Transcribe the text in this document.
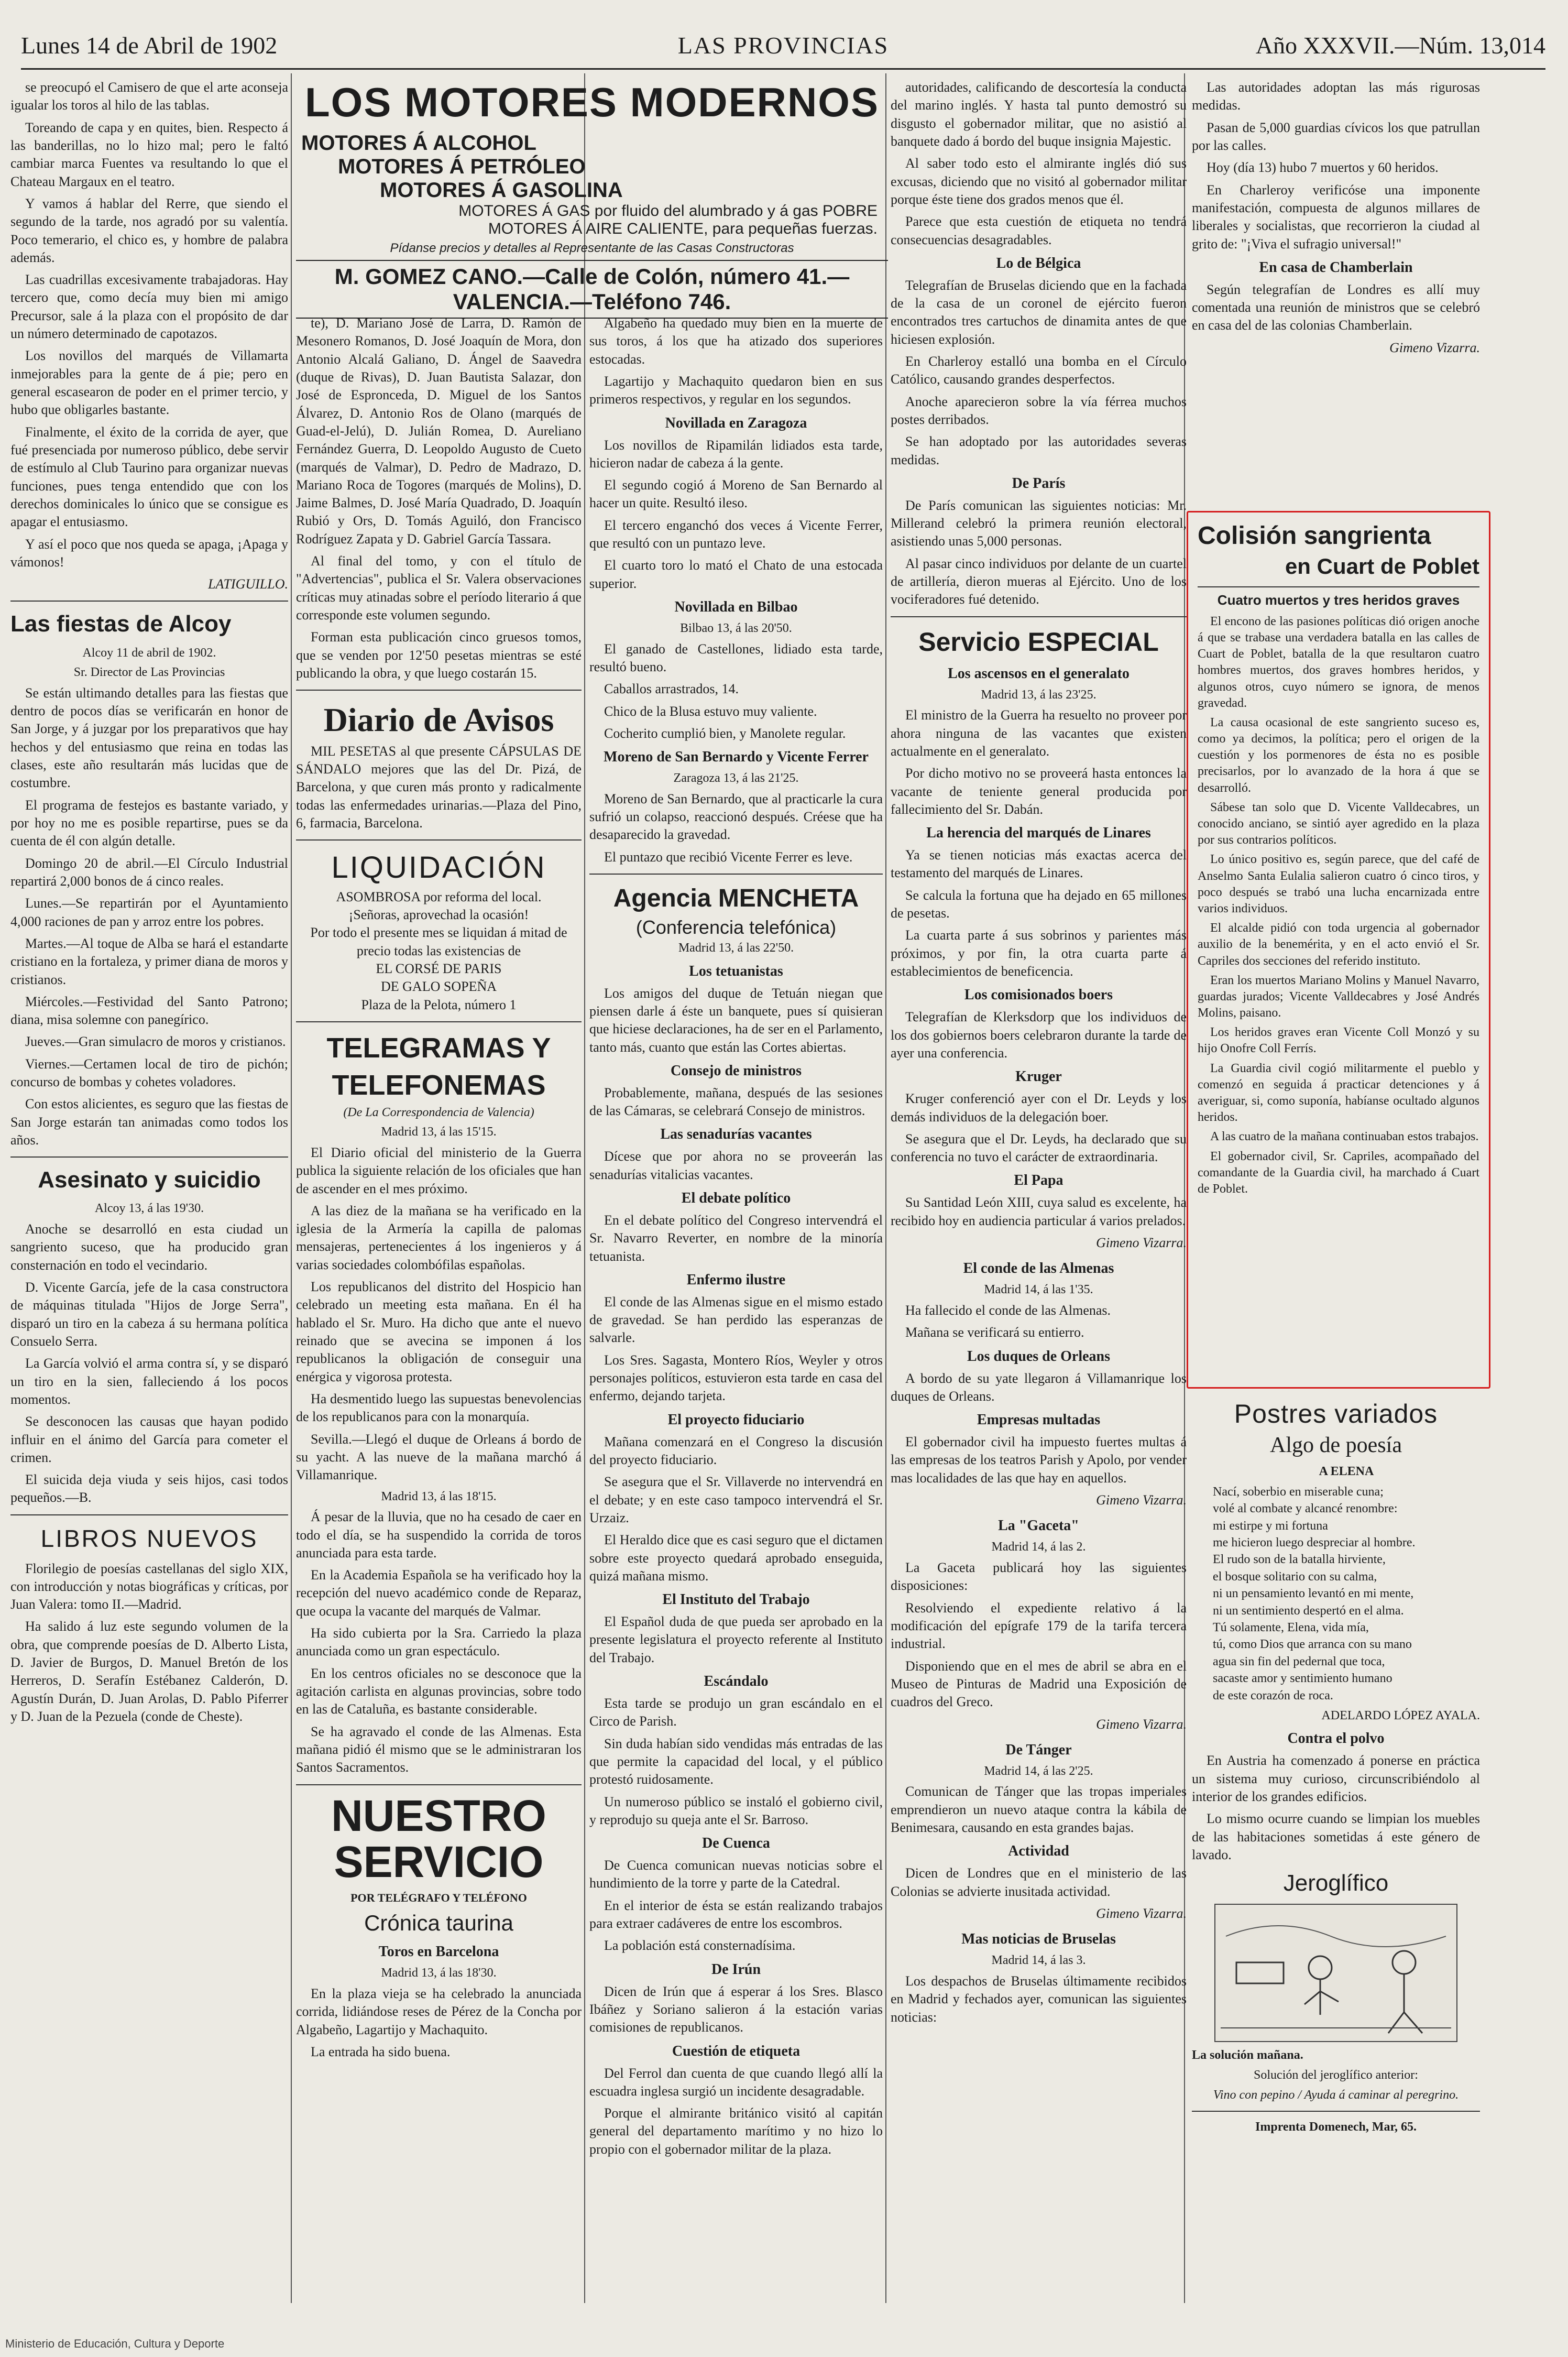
Lunes 14 de Abril de 1902	LAS PROVINCIAS	Año XXXVII.—Núm. 13,014

se preocupó el Camisero de que el arte aconseja igualar los toros al hilo de las tablas.

Toreando de capa y en quites, bien. Respecto á las banderillas, no lo hizo mal; pero le faltó cambiar marca Fuentes va resultando lo que el Chateau Margaux en el teatro.

Y vamos á hablar del Rerre, que siendo el segundo de la tarde, nos agradó por su valentía. Poco temerario, el chico es, y hombre de palabra además.

Las cuadrillas excesivamente trabajadoras. Hay tercero que, como decía muy bien mi amigo Precursor, sale á la plaza con el propósito de dar un número determinado de capotazos.

Los novillos del marqués de Villamarta inmejorables para la gente de á pie; pero en general escasearon de poder en el primer tercio, y hubo que obligarles bastante.

Finalmente, el éxito de la corrida de ayer, que fué presenciada por numeroso público, debe servir de estímulo al Club Taurino para organizar nuevas funciones, pues tenga entendido que con los derechos dominicales lo único que se consigue es apagar el entusiasmo.

Y así el poco que nos queda se apaga, ¡Apaga y vámonos!

LATIGUILLO.
Las fiestas de Alcoy
Alcoy 11 de abril de 1902.
Sr. Director de Las Provincias

Se están ultimando detalles para las fiestas que dentro de pocos días se verificarán en honor de San Jorge, y á juzgar por los preparativos que hay hechos y del entusiasmo que reina en todas las clases, este año resultarán más lucidas que de costumbre.

El programa de festejos es bastante variado, y por hoy no me es posible repartirse, pues se da cuenta de él con algún detalle.

Domingo 20 de abril.—El Círculo Industrial repartirá 2,000 bonos de á cinco reales.

Lunes.—Se repartirán por el Ayuntamiento 4,000 raciones de pan y arroz entre los pobres.

Martes.—Al toque de Alba se hará el estandarte cristiano en la fortaleza, y primer diana de moros y cristianos.

Miércoles.—Festividad del Santo Patrono; diana, misa solemne con panegírico.

Jueves.—Gran simulacro de moros y cristianos.

Viernes.—Certamen local de tiro de pichón; concurso de bombas y cohetes voladores.

Con estos alicientes, es seguro que las fiestas de San Jorge estarán tan animadas como todos los años.

Asesinato y suicidio
Alcoy 13, á las 19'30.

Anoche se desarrolló en esta ciudad un sangriento suceso, que ha producido gran consternación en todo el vecindario.

D. Vicente García, jefe de la casa constructora de máquinas titulada "Hijos de Jorge Serra", disparó un tiro en la cabeza á su hermana política Consuelo Serra.

La García volvió el arma contra sí, y se disparó un tiro en la sien, falleciendo á los pocos momentos.

Se desconocen las causas que hayan podido influir en el ánimo del García para cometer el crimen.

El suicida deja viuda y seis hijos, casi todos pequeños.—B.

LIBROS NUEVOS

Florilegio de poesías castellanas del siglo XIX, con introducción y notas biográficas y críticas, por Juan Valera: tomo II.—Madrid.

Ha salido á luz este segundo volumen de la obra, que comprende poesías de D. Alberto Lista, D. Javier de Burgos, D. Manuel Bretón de los Herreros, D. Serafín Estébanez Calderón, D. Agustín Durán, D. Juan Arolas, D. Pablo Piferrer y D. Juan de la Pezuela (conde de Cheste).

LOS MOTORES MODERNOS
MOTORES Á ALCOHOL
MOTORES Á PETRÓLEO
MOTORES Á GASOLINA
MOTORES Á GAS por fluido del alumbrado y á gas POBRE
MOTORES Á AIRE CALIENTE, para pequeñas fuerzas.
Pídanse precios y detalles al Representante de las Casas Constructoras
M. GOMEZ CANO.—Calle de Colón, número 41.—VALENCIA.—Teléfono 746.

te), D. Mariano José de Larra, D. Ramón de Mesonero Romanos, D. José Joaquín de Mora, don Antonio Alcalá Galiano, D. Ángel de Saavedra (duque de Rivas), D. Juan Bautista Salazar, don José de Espronceda, D. Miguel de los Santos Álvarez, D. Antonio Ros de Olano (marqués de Guad-el-Jelú), D. Julián Romea, D. Aureliano Fernández Guerra, D. Leopoldo Augusto de Cueto (marqués de Valmar), D. Pedro de Madrazo, D. Mariano Roca de Togores (marqués de Molins), D. Jaime Balmes, D. José María Quadrado, D. Joaquín Rubió y Ors, D. Tomás Aguiló, don Francisco Rodríguez Zapata y D. Gabriel García Tassara.

Al final del tomo, y con el título de "Advertencias", publica el Sr. Valera observaciones críticas muy atinadas sobre el período literario á que corresponde este volumen segundo.

Forman esta publicación cinco gruesos tomos, que se venden por 12'50 pesetas mientras se esté publicando la obra, y que luego costarán 15.

Diario de Avisos

MIL PESETAS al que presente CÁPSULAS DE SÁNDALO mejores que las del Dr. Pizá, de Barcelona, y que curen más pronto y radicalmente todas las enfermedades urinarias.—Plaza del Pino, 6, farmacia, Barcelona.

LIQUIDACIÓN
ASOMBROSA por reforma del local.
¡Señoras, aprovechad la ocasión!
Por todo el presente mes se liquidan á mitad de precio todas las existencias de
EL CORSÉ DE PARIS
DE GALO SOPEÑA
Plaza de la Pelota, número 1
TELEGRAMAS Y TELEFONEMAS
(De La Correspondencia de Valencia)
Madrid 13, á las 15'15.

El Diario oficial del ministerio de la Guerra publica la siguiente relación de los oficiales que han de ascender en el mes próximo.

A las diez de la mañana se ha verificado en la iglesia de la Armería la capilla de palomas mensajeras, pertenecientes á los ingenieros y á varias sociedades colombófilas españolas.

Los republicanos del distrito del Hospicio han celebrado un meeting esta mañana. En él ha hablado el Sr. Muro. Ha dicho que ante el nuevo reinado que se avecina se imponen á los republicanos la obligación de conseguir una enérgica y vigorosa protesta.

Ha desmentido luego las supuestas benevolencias de los republicanos para con la monarquía.

Sevilla.—Llegó el duque de Orleans á bordo de su yacht. A las nueve de la mañana marchó á Villamanrique.

Madrid 13, á las 18'15.

Á pesar de la lluvia, que no ha cesado de caer en todo el día, se ha suspendido la corrida de toros anunciada para esta tarde.

En la Academia Española se ha verificado hoy la recepción del nuevo académico conde de Reparaz, que ocupa la vacante del marqués de Valmar.

Ha sido cubierta por la Sra. Carriedo la plaza anunciada como un gran espectáculo.

En los centros oficiales no se desconoce que la agitación carlista en algunas provincias, sobre todo en las de Cataluña, es bastante considerable.

Se ha agravado el conde de las Almenas. Esta mañana pidió él mismo que se le administraran los Santos Sacramentos.

NUESTRO SERVICIO
POR TELÉGRAFO Y TELÉFONO
Crónica taurina
Toros en Barcelona
Madrid 13, á las 18'30.

En la plaza vieja se ha celebrado la anunciada corrida, lidiándose reses de Pérez de la Concha por Algabeño, Lagartijo y Machaquito.

La entrada ha sido buena.

Algabeño ha quedado muy bien en la muerte de sus toros, á los que ha atizado dos superiores estocadas.

Lagartijo y Machaquito quedaron bien en sus primeros respectivos, y regular en los segundos.

Novillada en Zaragoza

Los novillos de Ripamilán lidiados esta tarde, hicieron nadar de cabeza á la gente.

El segundo cogió á Moreno de San Bernardo al hacer un quite. Resultó ileso.

El tercero enganchó dos veces á Vicente Ferrer, que resultó con un puntazo leve.

El cuarto toro lo mató el Chato de una estocada superior.

Novillada en Bilbao
Bilbao 13, á las 20'50.

El ganado de Castellones, lidiado esta tarde, resultó bueno.

Caballos arrastrados, 14.

Chico de la Blusa estuvo muy valiente.

Cocherito cumplió bien, y Manolete regular.

Moreno de San Bernardo y Vicente Ferrer
Zaragoza 13, á las 21'25.

Moreno de San Bernardo, que al practicarle la cura sufrió un colapso, reaccionó después. Créese que ha desaparecido la gravedad.

El puntazo que recibió Vicente Ferrer es leve.

Agencia MENCHETA
(Conferencia telefónica)
Madrid 13, á las 22'50.
Los tetuanistas

Los amigos del duque de Tetuán niegan que piensen darle á éste un banquete, pues sí quisieran que hiciese declaraciones, ha de ser en el Parlamento, tanto más, cuanto que están las Cortes abiertas.

Consejo de ministros

Probablemente, mañana, después de las sesiones de las Cámaras, se celebrará Consejo de ministros.

Las senadurías vacantes

Dícese que por ahora no se proveerán las senadurías vitalicias vacantes.

El debate político

En el debate político del Congreso intervendrá el Sr. Navarro Reverter, en nombre de la minoría tetuanista.

Enfermo ilustre

El conde de las Almenas sigue en el mismo estado de gravedad. Se han perdido las esperanzas de salvarle.

Los Sres. Sagasta, Montero Ríos, Weyler y otros personajes políticos, estuvieron esta tarde en casa del enfermo, dejando tarjeta.

El proyecto fiduciario

Mañana comenzará en el Congreso la discusión del proyecto fiduciario.

Se asegura que el Sr. Villaverde no intervendrá en el debate; y en este caso tampoco intervendrá el Sr. Urzaiz.

El Heraldo dice que es casi seguro que el dictamen sobre este proyecto quedará aprobado enseguida, quizá mañana mismo.

El Instituto del Trabajo

El Español duda de que pueda ser aprobado en la presente legislatura el proyecto referente al Instituto del Trabajo.

Escándalo

Esta tarde se produjo un gran escándalo en el Circo de Parish.

Sin duda habían sido vendidas más entradas de las que permite la capacidad del local, y el público protestó ruidosamente.

Un numeroso público se instaló el gobierno civil, y reprodujo su queja ante el Sr. Barroso.

De Cuenca

De Cuenca comunican nuevas noticias sobre el hundimiento de la torre y parte de la Catedral.

En el interior de ésta se están realizando trabajos para extraer cadáveres de entre los escombros.

La población está consternadísima.

De Irún

Dicen de Irún que á esperar á los Sres. Blasco Ibáñez y Soriano salieron á la estación varias comisiones de republicanos.

Cuestión de etiqueta

Del Ferrol dan cuenta de que cuando llegó allí la escuadra inglesa surgió un incidente desagradable.

Porque el almirante británico visitó al capitán general del departamento marítimo y no hizo lo propio con el gobernador militar de la plaza.

autoridades, calificando de descortesía la conducta del marino inglés. Y hasta tal punto demostró su disgusto el gobernador militar, que no asistió al banquete dado á bordo del buque insignia Majestic.

Al saber todo esto el almirante inglés dió sus excusas, diciendo que no visitó al gobernador militar porque éste tiene dos grados menos que él.

Parece que esta cuestión de etiqueta no tendrá consecuencias desagradables.

Lo de Bélgica

Telegrafían de Bruselas diciendo que en la fachada de la casa de un coronel de ejército fueron encontrados tres cartuchos de dinamita antes de que hiciesen explosión.

En Charleroy estalló una bomba en el Círculo Católico, causando grandes desperfectos.

Anoche aparecieron sobre la vía férrea muchos postes derribados.

Se han adoptado por las autoridades severas medidas.

De París

De París comunican las siguientes noticias: Mr. Millerand celebró la primera reunión electoral, asistiendo unas 5,000 personas.

Al pasar cinco individuos por delante de un cuartel de artillería, dieron mueras al Ejército. Uno de los vociferadores fué detenido.

Servicio ESPECIAL
Los ascensos en el generalato
Madrid 13, á las 23'25.

El ministro de la Guerra ha resuelto no proveer por ahora ninguna de las vacantes que existen actualmente en el generalato.

Por dicho motivo no se proveerá hasta entonces la vacante de teniente general producida por fallecimiento del Sr. Dabán.

La herencia del marqués de Linares

Ya se tienen noticias más exactas acerca del testamento del marqués de Linares.

Se calcula la fortuna que ha dejado en 65 millones de pesetas.

La cuarta parte á sus sobrinos y parientes más próximos, y por fin, la otra cuarta parte á establecimientos de beneficencia.

Los comisionados boers

Telegrafían de Klerksdorp que los individuos de los dos gobiernos boers celebraron durante la tarde de ayer una conferencia.

Kruger

Kruger conferenció ayer con el Dr. Leyds y los demás individuos de la delegación boer.

Se asegura que el Dr. Leyds, ha declarado que su conferencia no tuvo el carácter de extraordinaria.

El Papa

Su Santidad León XIII, cuya salud es excelente, ha recibido hoy en audiencia particular á varios prelados.

Gimeno Vizarra.
El conde de las Almenas
Madrid 14, á las 1'35.

Ha fallecido el conde de las Almenas.

Mañana se verificará su entierro.

Los duques de Orleans

A bordo de su yate llegaron á Villamanrique los duques de Orleans.

Empresas multadas

El gobernador civil ha impuesto fuertes multas á las empresas de los teatros Parish y Apolo, por vender mas localidades de las que hay en aquellos.

Gimeno Vizarra.
La "Gaceta"
Madrid 14, á las 2.

La Gaceta publicará hoy las siguientes disposiciones:

Resolviendo el expediente relativo á la modificación del epígrafe 179 de la tarifa tercera industrial.

Disponiendo que en el mes de abril se abra en el Museo de Pinturas de Madrid una Exposición de cuadros del Greco.

Gimeno Vizarra.
De Tánger
Madrid 14, á las 2'25.

Comunican de Tánger que las tropas imperiales emprendieron un nuevo ataque contra la kábila de Benimesara, causando en esta grandes bajas.

Actividad

Dicen de Londres que en el ministerio de las Colonias se advierte inusitada actividad.

Gimeno Vizarra.
Mas noticias de Bruselas
Madrid 14, á las 3.

Los despachos de Bruselas últimamente recibidos en Madrid y fechados ayer, comunican las siguientes noticias:

Las autoridades adoptan las más rigurosas medidas.

Pasan de 5,000 guardias cívicos los que patrullan por las calles.

Hoy (día 13) hubo 7 muertos y 60 heridos.

En Charleroy verificóse una imponente manifestación, compuesta de algunos millares de liberales y socialistas, que recorrieron la ciudad al grito de: "¡Viva el sufragio universal!"

En casa de Chamberlain

Según telegrafían de Londres es allí muy comentada una reunión de ministros que se celebró en casa del de las colonias Chamberlain.

Gimeno Vizarra.
Colisión sangrienta
en Cuart de Poblet
Cuatro muertos y tres heridos graves

El encono de las pasiones políticas dió origen anoche á que se trabase una verdadera batalla en las calles de Cuart de Poblet, batalla de la que resultaron cuatro hombres muertos, dos graves hombres heridos, y algunos otros, cuyo número se ignora, de menos gravedad.

La causa ocasional de este sangriento suceso es, como ya decimos, la política; pero el origen de la cuestión y los pormenores de ésta no es posible precisarlos, por lo avanzado de la hora á que se desarrolló.

Sábese tan solo que D. Vicente Valldecabres, un conocido anciano, se sintió ayer agredido en la plaza por sus contrarios políticos.

Lo único positivo es, según parece, que del café de Anselmo Santa Eulalia salieron cuatro ó cinco tiros, y poco después se trabó una lucha encarnizada entre varios individuos.

El alcalde pidió con toda urgencia al gobernador auxilio de la benemérita, y en el acto envió el Sr. Capriles dos secciones del referido instituto.

Eran los muertos Mariano Molins y Manuel Navarro, guardas jurados; Vicente Valldecabres y José Andrés Molins, paisano.

Los heridos graves eran Vicente Coll Monzó y su hijo Onofre Coll Ferrís.

La Guardia civil cogió militarmente el pueblo y comenzó en seguida á practicar detenciones y á averiguar, si, como suponía, habíanse ocultado algunos heridos.

A las cuatro de la mañana continuaban estos trabajos.

El gobernador civil, Sr. Capriles, acompañado del comandante de la Guardia civil, ha marchado á Cuart de Poblet.

Postres variados
Algo de poesía
A ELENA
Nací, soberbio en miserable cuna;
volé al combate y alcancé renombre:
mi estirpe y mi fortuna
me hicieron luego despreciar al hombre.
El rudo son de la batalla hirviente,
el bosque solitario con su calma,
ni un pensamiento levantó en mi mente,
ni un sentimiento despertó en el alma.
Tú solamente, Elena, vida mía,
tú, como Dios que arranca con su mano
agua sin fin del pedernal que toca,
sacaste amor y sentimiento humano
de este corazón de roca.
ADELARDO LÓPEZ AYALA.
Contra el polvo

En Austria ha comenzado á ponerse en práctica un sistema muy curioso, circunscribiéndolo al interior de los grandes edificios.

Lo mismo ocurre cuando se limpian los muebles de las habitaciones sometidas á este género de lavado.

Jeroglífico
La solución mañana.
Solución del jeroglífico anterior:
Vino con pepino / Ayuda á caminar al peregrino.
Imprenta Domenech, Mar, 65.
Ministerio de Educación, Cultura y Deporte
